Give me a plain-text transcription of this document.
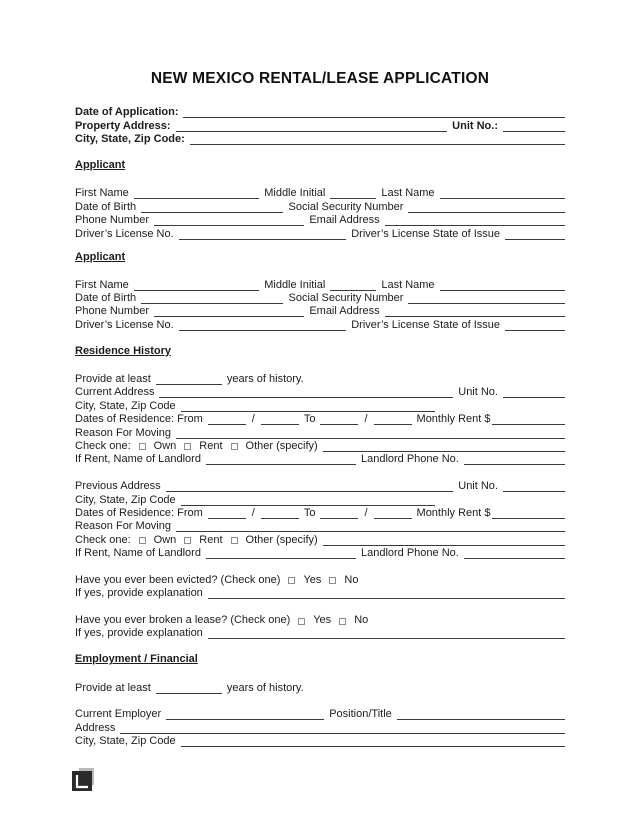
NEW MEXICO RENTAL/LEASE APPLICATION
Date of Application:
Property Address:	Unit No.:
City, State, Zip Code:
Applicant
First Name	Middle Initial	Last Name
Date of Birth	Social Security Number
Phone Number	Email Address
Driver’s License No.	Driver’s License State of Issue
Applicant
First Name	Middle Initial	Last Name
Date of Birth	Social Security Number
Phone Number	Email Address
Driver’s License No.	Driver’s License State of Issue
Residence History
Provide at least	years of history.
Current Address	Unit No.
City, State, Zip Code
Dates of Residence: From	/	To	/	Monthly Rent $
Reason For Moving
Check one: Own Rent Other (specify)
If Rent, Name of Landlord	Landlord Phone No.
Previous Address	Unit No.
City, State, Zip Code
Dates of Residence: From	/	To	/	Monthly Rent $
Reason For Moving
Check one: Own Rent Other (specify)
If Rent, Name of Landlord	Landlord Phone No.
Have you ever been evicted? (Check one) Yes No
If yes, provide explanation
Have you ever broken a lease? (Check one) Yes No
If yes, provide explanation
Employment / Financial
Provide at least	years of history.
Current Employer	Position/Title
Address
City, State, Zip Code
